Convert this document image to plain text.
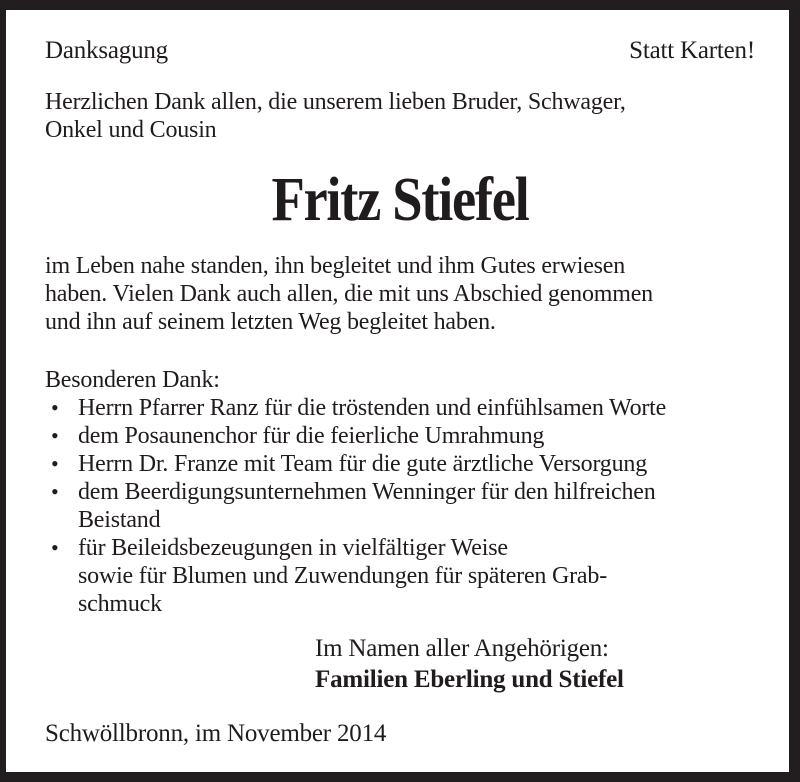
Danksagung	Statt Karten!
Herzlichen Dank allen, die unserem lieben Bruder, Schwager,
Onkel und Cousin
Fritz Stiefel
im Leben nahe standen, ihn begleitet und ihm Gutes erwiesen
haben. Vielen Dank auch allen, die mit uns Abschied genommen
und ihn auf seinem letzten Weg begleitet haben.
Besonderen Dank:
• Herrn Pfarrer Ranz für die tröstenden und einfühlsamen Worte
• dem Posaunenchor für die feierliche Umrahmung
• Herrn Dr. Franze mit Team für die gute ärztliche Versorgung
• dem Beerdigungsunternehmen Wenninger für den hilfreichen
Beistand
• für Beileidsbezeugungen in vielfältiger Weise
sowie für Blumen und Zuwendungen für späteren Grab-
schmuck
Im Namen aller Angehörigen:
Familien Eberling und Stiefel
Schwöllbronn, im November 2014
